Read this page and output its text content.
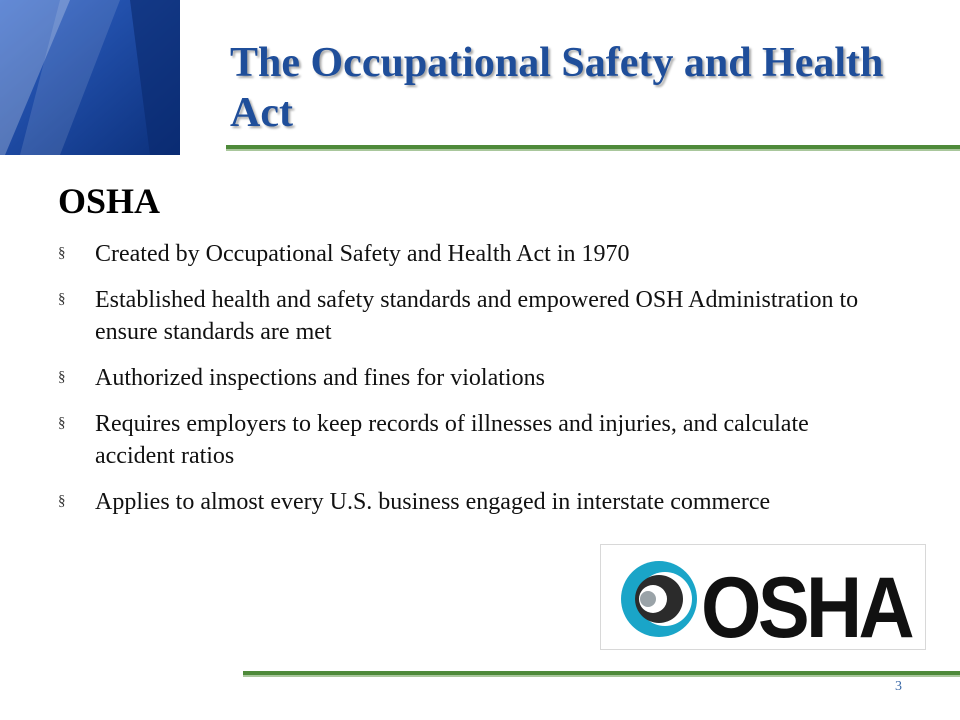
The Occupational Safety and Health Act
OSHA
§ Created by Occupational Safety and Health Act in 1970
§ Established health and safety standards and empowered OSH Administration to ensure standards are met
§ Authorized inspections and fines for violations
§ Requires employers to keep records of illnesses and injuries, and calculate accident ratios
§ Applies to almost every U.S. business engaged in interstate commerce
OSHA
3
